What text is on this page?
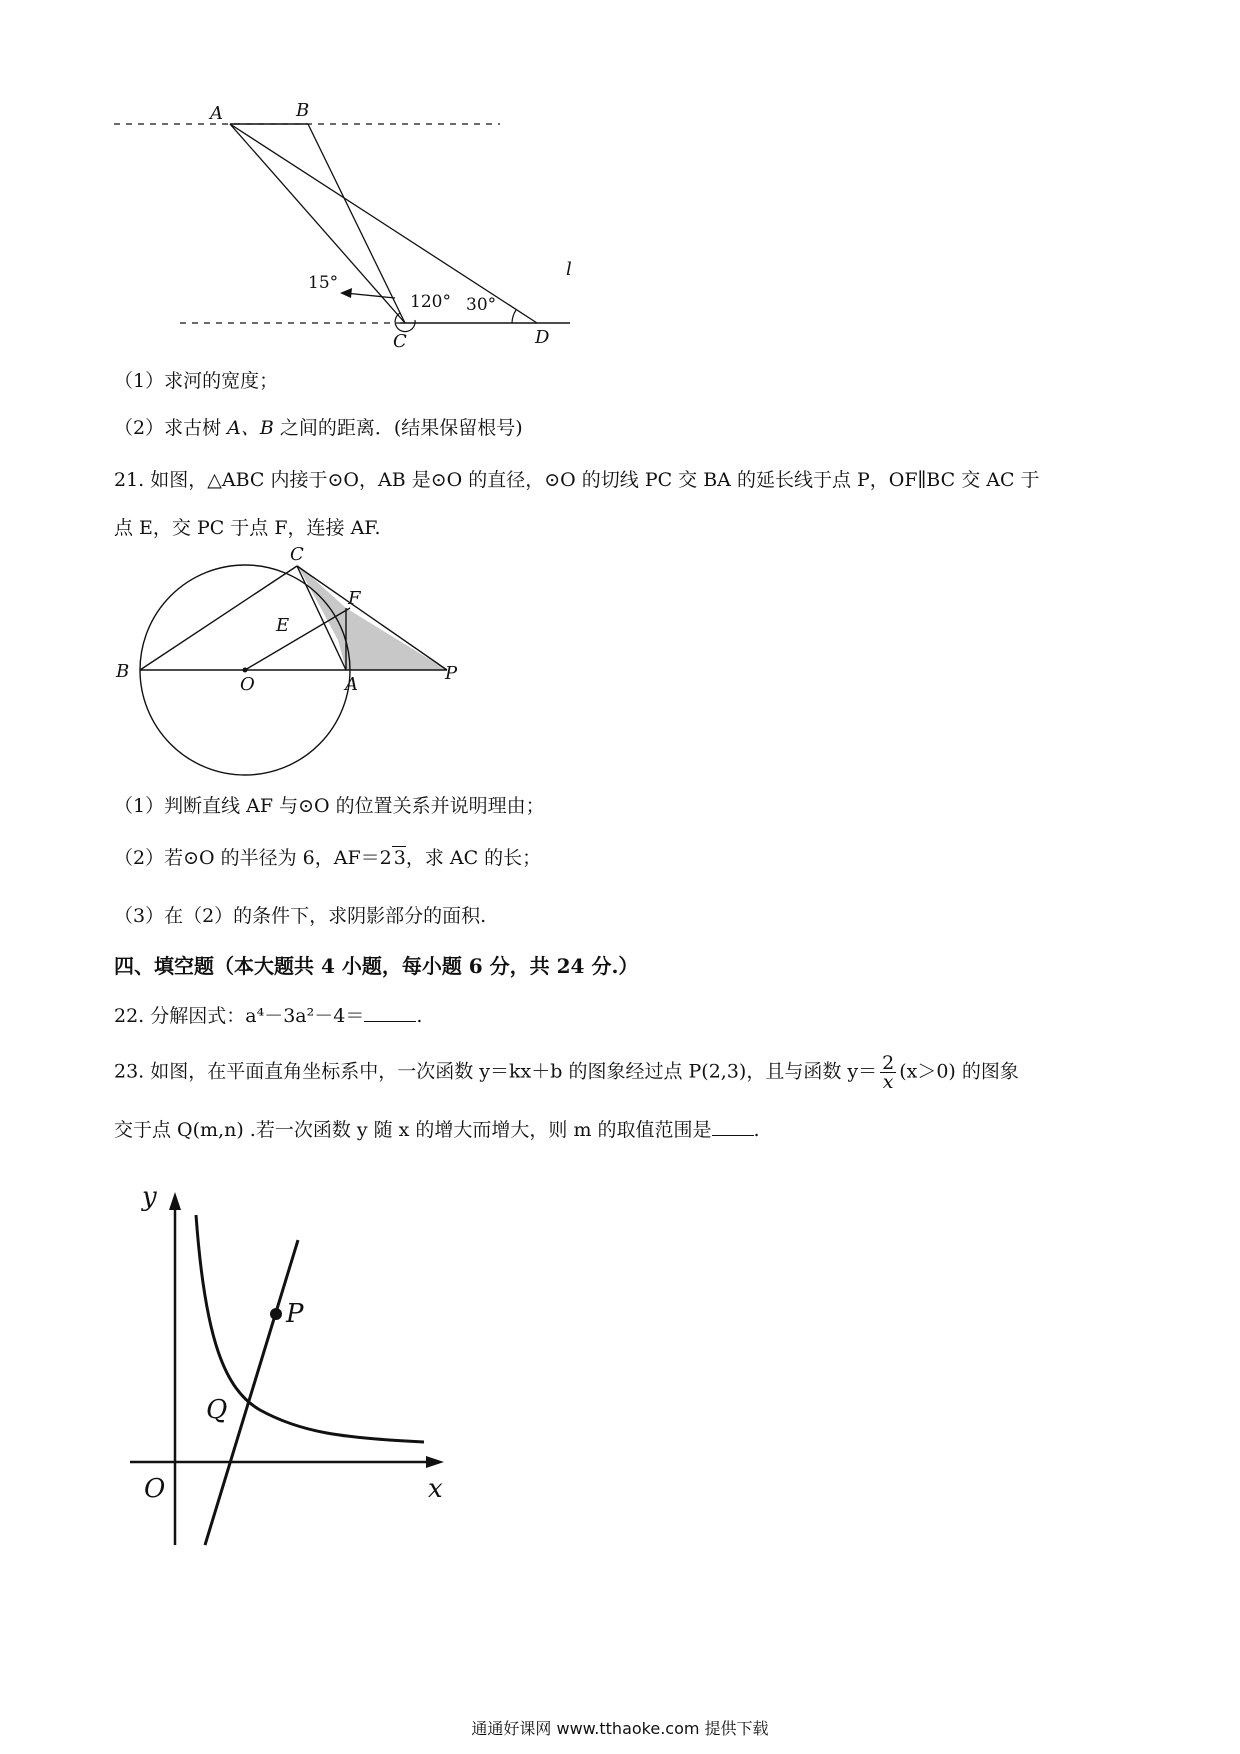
A	B
C	D
l
15°
120° 30°
（1）求河的宽度；
（2）求古树 A、B 之间的距离．(结果保留根号)
21. 如图，△ABC 内接于⊙O，AB 是⊙O 的直径，⊙O 的切线 PC 交 BA 的延长线于点 P，OF∥BC 交 AC 于
点 E，交 PC 于点 F，连接 AF.
B
C
O	A
P
E
F
（1）判断直线 AF 与⊙O 的位置关系并说明理由；
（2）若⊙O 的半径为 6，AF＝2 3，求 AC 的长；
（3）在（2）的条件下，求阴影部分的面积.
四、填空题（本大题共 4 小题，每小题 6 分，共 24 分.）
22. 分解因式：a⁴－3a²－4＝	.
23. 如图，在平面直角坐标系中，一次函数 y＝kx＋b 的图象经过点 P(2,3)，且与函数 $y= \frac{2}{x} (x>0)$ 的图象
交于点 Q(m,n) .若一次函数 y 随 x 的增大而增大，则 m 的取值范围是 .
y
x
O
P
Q
通通好课网 www.tthaoke.com 提供下载
